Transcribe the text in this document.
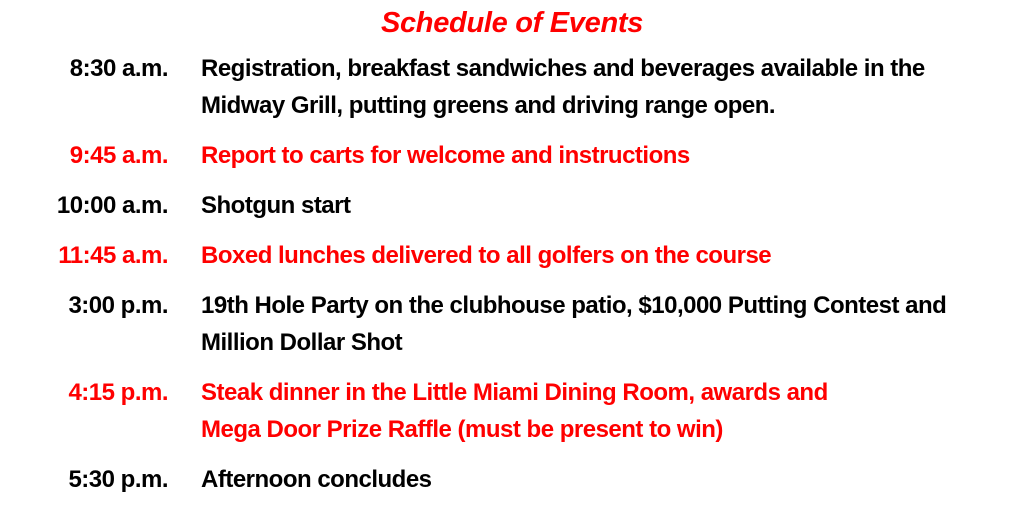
Schedule of Events
8:30 a.m. Registration, breakfast sandwiches and beverages available in the
Midway Grill, putting greens and driving range open.
9:45 a.m. Report to carts for welcome and instructions
10:00 a.m. Shotgun start
11:45 a.m. Boxed lunches delivered to all golfers on the course
3:00 p.m. 19th Hole Party on the clubhouse patio, $10,000 Putting Contest and
Million Dollar Shot
4:15 p.m. Steak dinner in the Little Miami Dining Room, awards and
Mega Door Prize Raffle (must be present to win)
5:30 p.m. Afternoon concludes
